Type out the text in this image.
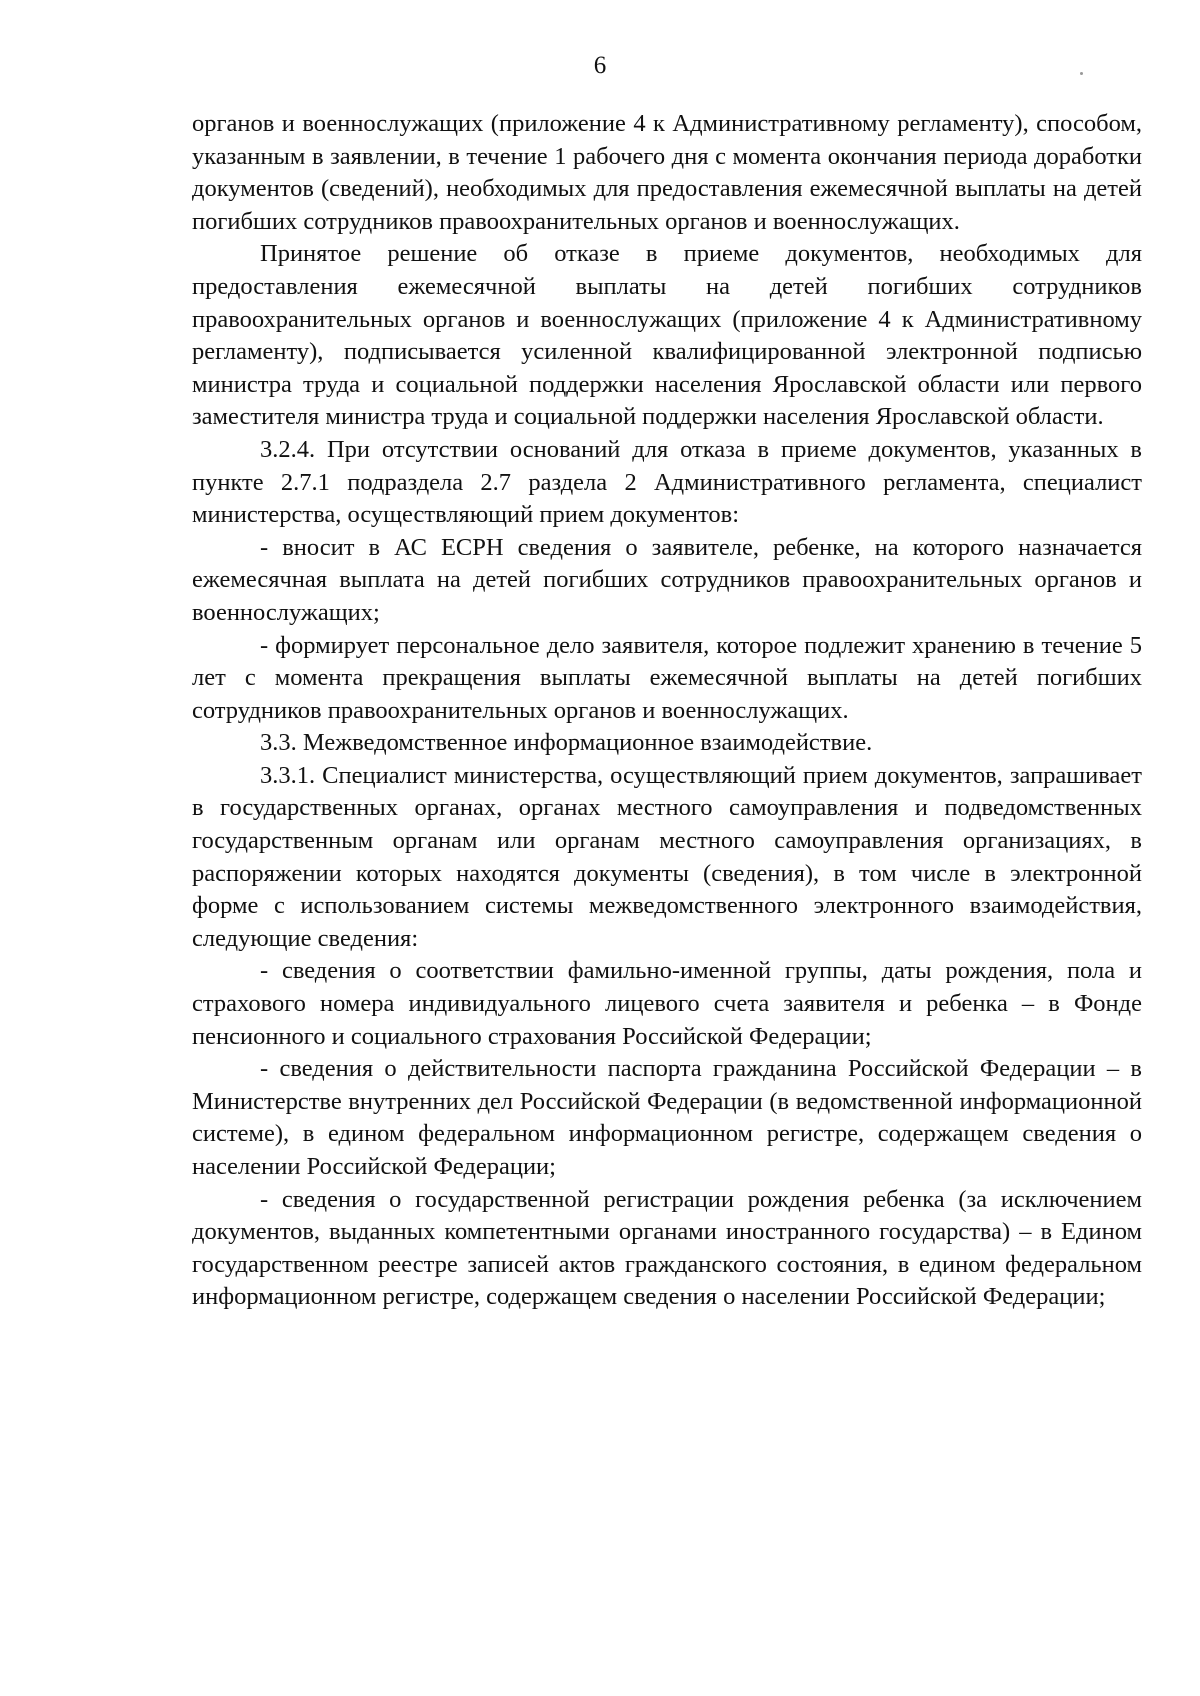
6

органов и военнослужащих (приложение 4 к Административному регламенту), способом, указанным в заявлении, в течение 1 рабочего дня с момента окончания периода доработки документов (сведений), необходимых для предоставления ежемесячной выплаты на детей погибших сотрудников правоохранительных органов и военнослужащих.

Принятое решение об отказе в приеме документов, необходимых для предоставления ежемесячной выплаты на детей погибших сотрудников правоохранительных органов и военнослужащих (приложение 4 к Административному регламенту), подписывается усиленной квалифицированной электронной подписью министра труда и социальной поддержки населения Ярославской области или первого заместителя министра труда и социальной поддержки населения Ярославской области.

3.2.4. При отсутствии оснований для отказа в приеме документов, указанных в пункте 2.7.1 подраздела 2.7 раздела 2 Административного регламента, специалист министерства, осуществляющий прием документов:

- вносит в АС ЕСРН сведения о заявителе, ребенке, на которого назначается ежемесячная выплата на детей погибших сотрудников правоохранительных органов и военнослужащих;

- формирует персональное дело заявителя, которое подлежит хранению в течение 5 лет с момента прекращения выплаты ежемесячной выплаты на детей погибших сотрудников правоохранительных органов и военнослужащих.

3.3. Межведомственное информационное взаимодействие.

3.3.1. Специалист министерства, осуществляющий прием документов, запрашивает в государственных органах, органах местного самоуправления и подведомственных государственным органам или органам местного самоуправления организациях, в распоряжении которых находятся документы (сведения), в том числе в электронной форме с использованием системы межведомственного электронного взаимодействия, следующие сведения:

- сведения о соответствии фамильно-именной группы, даты рождения, пола и страхового номера индивидуального лицевого счета заявителя и ребенка – в Фонде пенсионного и социального страхования Российской Федерации;

- сведения о действительности паспорта гражданина Российской Федерации – в Министерстве внутренних дел Российской Федерации (в ведомственной информационной системе), в едином федеральном информационном регистре, содержащем сведения о населении Российской Федерации;

- сведения о государственной регистрации рождения ребенка (за исключением документов, выданных компетентными органами иностранного государства) – в Едином государственном реестре записей актов гражданского состояния, в едином федеральном информационном регистре, содержащем сведения о населении Российской Федерации;
